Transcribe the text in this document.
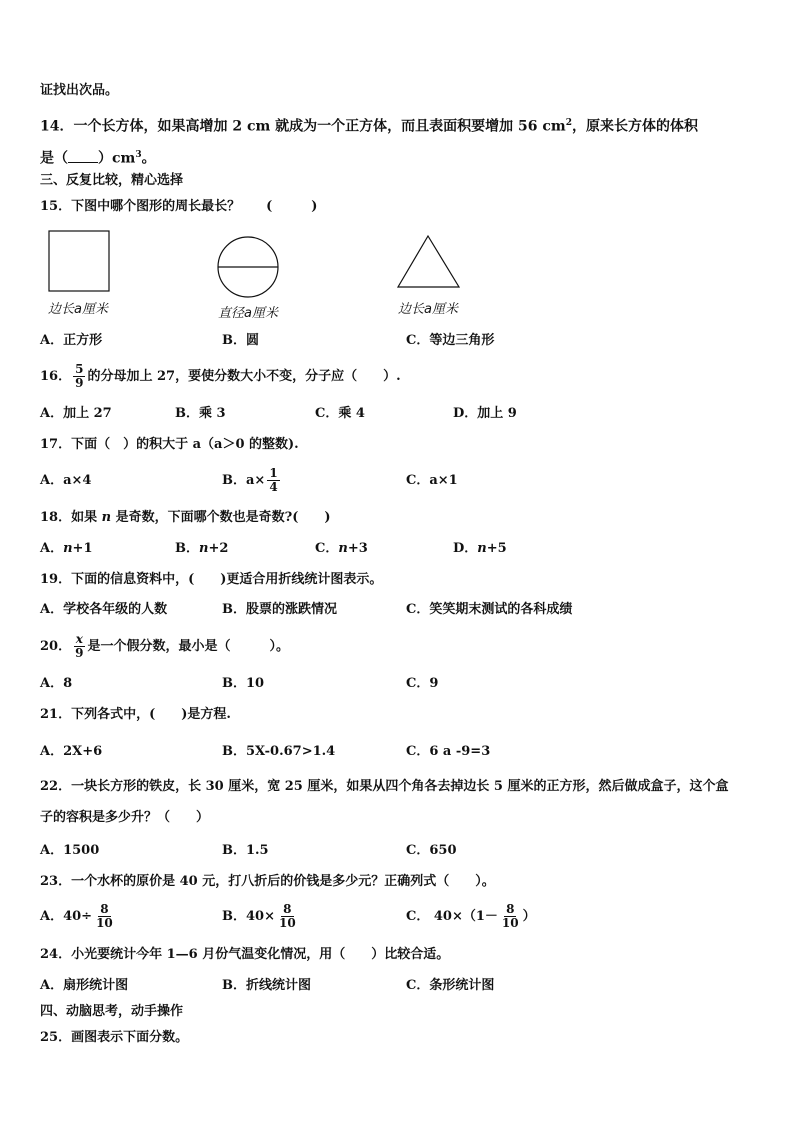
证找出次品。
14．一个长方体，如果高增加 2 cm 就成为一个正方体，而且表面积要增加 56 $cm^2$，原来长方体的体积
是（ ）$cm^3$。
三、反复比较，精心选择
15．下图中哪个图形的周长最长？　　(　　　)
边长a厘米	直径a厘米	边长a厘米
A．正方形	B．圆	C．等边三角形
16． $\frac{5}{9}$ 的分母加上 27，要使分数大小不变，分子应（　　）.
A．加上 27	B．乘 3	C．乘 4	D．加上 9
17．下面（　）的积大于 a（a＞0 的整数).
A．a×4	B．$a\times \frac{1}{4}$	C．a×1
18．如果 n 是奇数，下面哪个数也是奇数?(　　)
A．n+1	B．n+2	C．n+3	D．n+5
19．下面的信息资料中，(　　)更适合用折线统计图表示。
A．学校各年级的人数	B．股票的涨跌情况	C．笑笑期末测试的各科成绩
20． $\frac{x}{9}$ 是一个假分数，最小是（　　　）。
A．8	B．10	C．9
21．下列各式中，(　　)是方程.
A．2X+6	B．5X-0.67>1.4	C．6 a -9=3
22．一块长方形的铁皮，长 30 厘米，宽 25 厘米，如果从四个角各去掉边长 5 厘米的正方形，然后做成盒子，这个盒
子的容积是多少升？（　　）
A．1500	B．1.5	C．650
23．一个水杯的原价是 40 元，打八折后的价钱是多少元？正确列式（　　）。
A．$40\div \frac{8}{10}$	B．$40\times \frac{8}{10}$	C． $40\times(1- \frac{8}{10}$ ）
24．小光要统计今年 1—6 月份气温变化情况，用（　　）比较合适。
A．扇形统计图	B．折线统计图	C．条形统计图
四、动脑思考，动手操作
25．画图表示下面分数。
